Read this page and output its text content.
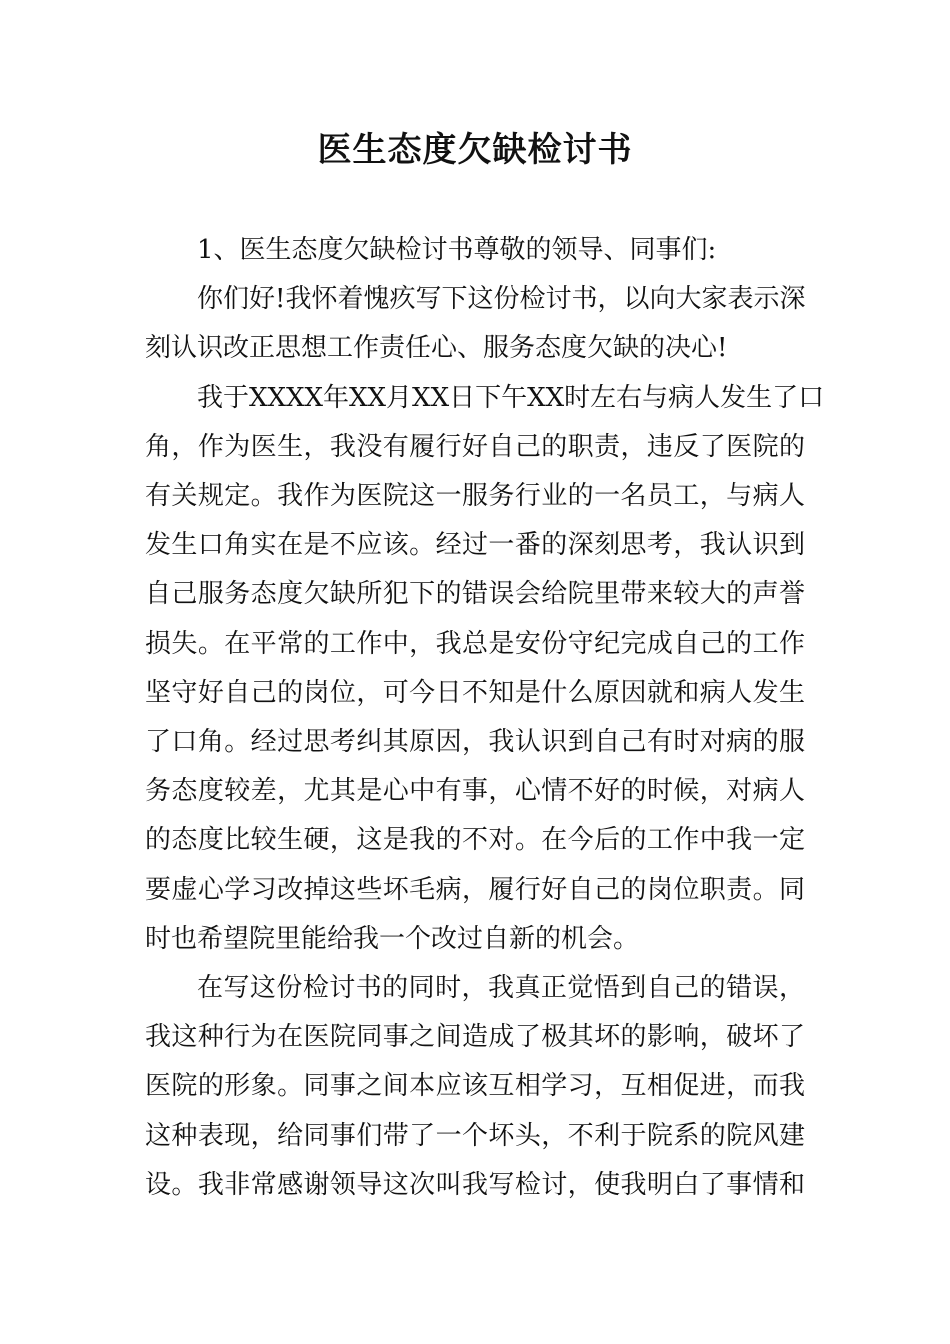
医生态度欠缺检讨书
1、医生态度欠缺检讨书尊敬的领导、同事们:
你们好!我怀着愧疚写下这份检讨书，以向大家表示深
刻认识改正思想工作责任心、服务态度欠缺的决心!
我于XXXX年XX月XX日下午XX时左右与病人发生了口
角，作为医生，我没有履行好自己的职责，违反了医院的
有关规定。我作为医院这一服务行业的一名员工，与病人
发生口角实在是不应该。经过一番的深刻思考，我认识到
自己服务态度欠缺所犯下的错误会给院里带来较大的声誉
损失。在平常的工作中，我总是安份守纪完成自己的工作
坚守好自己的岗位，可今日不知是什么原因就和病人发生
了口角。经过思考纠其原因，我认识到自己有时对病的服
务态度较差，尤其是心中有事，心情不好的时候，对病人
的态度比较生硬，这是我的不对。在今后的工作中我一定
要虚心学习改掉这些坏毛病，履行好自己的岗位职责。同
时也希望院里能给我一个改过自新的机会。
在写这份检讨书的同时，我真正觉悟到自己的错误，
我这种行为在医院同事之间造成了极其坏的影响，破坏了
医院的形象。同事之间本应该互相学习，互相促进，而我
这种表现，给同事们带了一个坏头，不利于院系的院风建
设。我非常感谢领导这次叫我写检讨，使我明白了事情和
